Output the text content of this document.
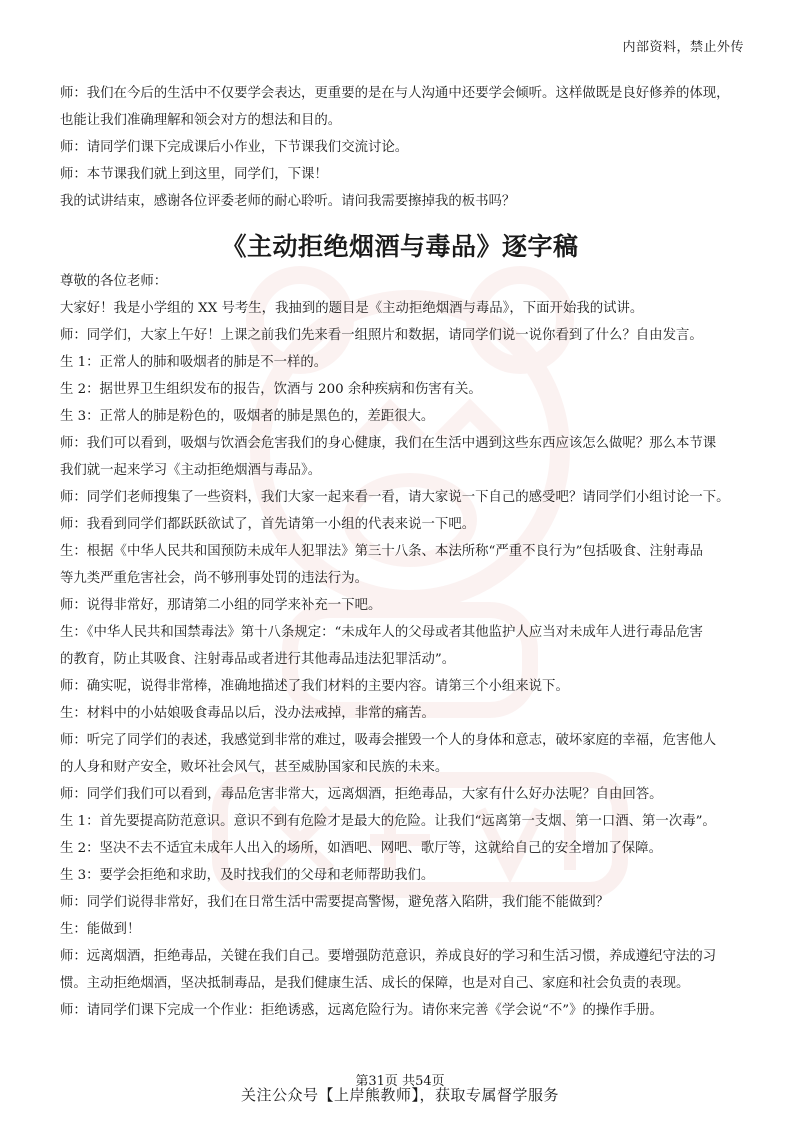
内部资料，禁止外传

师：我们在今后的生活中不仅要学会表达，更重要的是在与人沟通中还要学会倾听。这样做既是良好修养的体现，

也能让我们准确理解和领会对方的想法和目的。

师：请同学们课下完成课后小作业，下节课我们交流讨论。

师：本节课我们就上到这里，同学们，下课！

我的试讲结束，感谢各位评委老师的耐心聆听。请问我需要擦掉我的板书吗？

《主动拒绝烟酒与毒品》逐字稿

尊敬的各位老师：

大家好！我是小学组的 XX 号考生，我抽到的题目是《主动拒绝烟酒与毒品》，下面开始我的试讲。

师：同学们，大家上午好！上课之前我们先来看一组照片和数据，请同学们说一说你看到了什么？自由发言。

生 1：正常人的肺和吸烟者的肺是不一样的。

生 2：据世界卫生组织发布的报告，饮酒与 200 余种疾病和伤害有关。

生 3：正常人的肺是粉色的，吸烟者的肺是黑色的，差距很大。

师：我们可以看到，吸烟与饮酒会危害我们的身心健康，我们在生活中遇到这些东西应该怎么做呢？那么本节课

我们就一起来学习《主动拒绝烟酒与毒品》。

师：同学们老师搜集了一些资料，我们大家一起来看一看，请大家说一下自己的感受吧？请同学们小组讨论一下。

师：我看到同学们都跃跃欲试了，首先请第一小组的代表来说一下吧。

生：根据《中华人民共和国预防未成年人犯罪法》第三十八条、本法所称“严重不良行为”包括吸食、注射毒品

等九类严重危害社会，尚不够刑事处罚的违法行为。

师：说得非常好，那请第二小组的同学来补充一下吧。

生：《中华人民共和国禁毒法》第十八条规定：“未成年人的父母或者其他监护人应当对未成年人进行毒品危害

的教育，防止其吸食、注射毒品或者进行其他毒品违法犯罪活动”。

师：确实呢，说得非常棒，准确地描述了我们材料的主要内容。请第三个小组来说下。

生：材料中的小姑娘吸食毒品以后，没办法戒掉，非常的痛苦。

师：听完了同学们的表述，我感觉到非常的难过，吸毒会摧毁一个人的身体和意志，破坏家庭的幸福，危害他人

的人身和财产安全，败坏社会风气，甚至威胁国家和民族的未来。

师：同学们我们可以看到，毒品危害非常大，远离烟酒，拒绝毒品，大家有什么好办法呢？自由回答。

生 1：首先要提高防范意识。意识不到有危险才是最大的危险。让我们“远离第一支烟、第一口酒、第一次毒”。

生 2：坚决不去不适宜未成年人出入的场所，如酒吧、网吧、歌厅等，这就给自己的安全增加了保障。

生 3：要学会拒绝和求助，及时找我们的父母和老师帮助我们。

师：同学们说得非常好，我们在日常生活中需要提高警惕，避免落入陷阱，我们能不能做到？

生：能做到！

师：远离烟酒，拒绝毒品，关键在我们自己。要增强防范意识，养成良好的学习和生活习惯，养成遵纪守法的习

惯。主动拒绝烟酒，坚决抵制毒品，是我们健康生活、成长的保障，也是对自己、家庭和社会负责的表现。

师：请同学们课下完成一个作业：拒绝诱惑，远离危险行为。请你来完善《学会说“不”》的操作手册。

第31页 共54页
关注公众号【上岸熊教师】，获取专属督学服务
